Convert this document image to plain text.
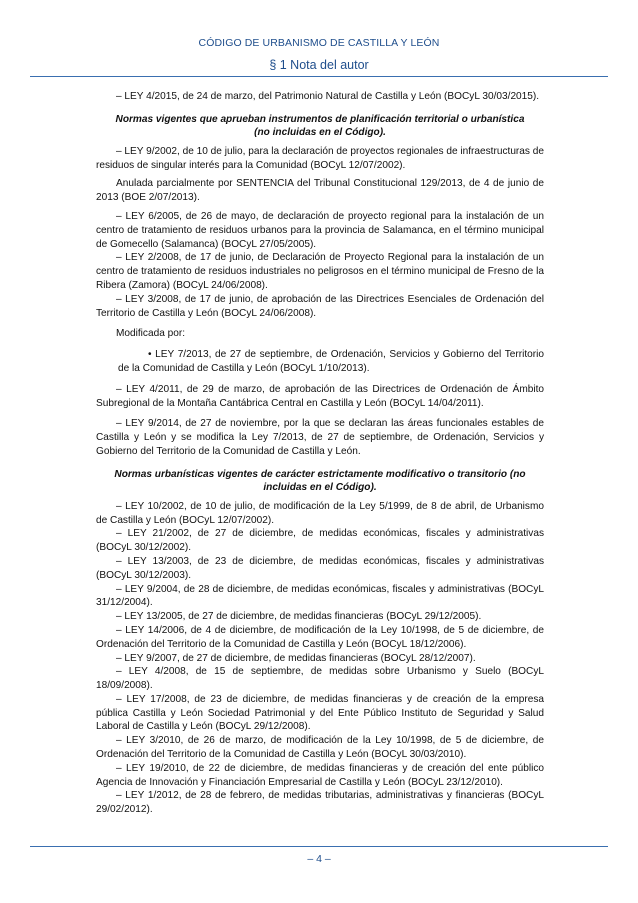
CÓDIGO DE URBANISMO DE CASTILLA Y LEÓN
§ 1 Nota del autor

– LEY 4/2015, de 24 de marzo, del Patrimonio Natural de Castilla y León (BOCyL 30/03/2015).

Normas vigentes que aprueban instrumentos de planificación territorial o urbanística (no incluidas en el Código).

– LEY 9/2002, de 10 de julio, para la declaración de proyectos regionales de infraestructuras de residuos de singular interés para la Comunidad (BOCyL 12/07/2002).

Anulada parcialmente por SENTENCIA del Tribunal Constitucional 129/2013, de 4 de junio de 2013 (BOE 2/07/2013).

– LEY 6/2005, de 26 de mayo, de declaración de proyecto regional para la instalación de un centro de tratamiento de residuos urbanos para la provincia de Salamanca, en el término municipal de Gomecello (Salamanca) (BOCyL 27/05/2005).

– LEY 2/2008, de 17 de junio, de Declaración de Proyecto Regional para la instalación de un centro de tratamiento de residuos industriales no peligrosos en el término municipal de Fresno de la Ribera (Zamora) (BOCyL 24/06/2008).

– LEY 3/2008, de 17 de junio, de aprobación de las Directrices Esenciales de Ordenación del Territorio de Castilla y León (BOCyL 24/06/2008).

Modificada por:

• LEY 7/2013, de 27 de septiembre, de Ordenación, Servicios y Gobierno del Territorio de la Comunidad de Castilla y León (BOCyL 1/10/2013).

– LEY 4/2011, de 29 de marzo, de aprobación de las Directrices de Ordenación de Ámbito Subregional de la Montaña Cantábrica Central en Castilla y León (BOCyL 14/04/2011).

– LEY 9/2014, de 27 de noviembre, por la que se declaran las áreas funcionales estables de Castilla y León y se modifica la Ley 7/2013, de 27 de septiembre, de Ordenación, Servicios y Gobierno del Territorio de la Comunidad de Castilla y León.

Normas urbanísticas vigentes de carácter estrictamente modificativo o transitorio (no incluidas en el Código).

– LEY 10/2002, de 10 de julio, de modificación de la Ley 5/1999, de 8 de abril, de Urbanismo de Castilla y León (BOCyL 12/07/2002).

– LEY 21/2002, de 27 de diciembre, de medidas económicas, fiscales y administrativas (BOCyL 30/12/2002).

– LEY 13/2003, de 23 de diciembre, de medidas económicas, fiscales y administrativas (BOCyL 30/12/2003).

– LEY 9/2004, de 28 de diciembre, de medidas económicas, fiscales y administrativas (BOCyL 31/12/2004).

– LEY 13/2005, de 27 de diciembre, de medidas financieras (BOCyL 29/12/2005).

– LEY 14/2006, de 4 de diciembre, de modificación de la Ley 10/1998, de 5 de diciembre, de Ordenación del Territorio de la Comunidad de Castilla y León (BOCyL 18/12/2006).

– LEY 9/2007, de 27 de diciembre, de medidas financieras (BOCyL 28/12/2007).

– LEY 4/2008, de 15 de septiembre, de medidas sobre Urbanismo y Suelo (BOCyL 18/09/2008).

– LEY 17/2008, de 23 de diciembre, de medidas financieras y de creación de la empresa pública Castilla y León Sociedad Patrimonial y del Ente Público Instituto de Seguridad y Salud Laboral de Castilla y León (BOCyL 29/12/2008).

– LEY 3/2010, de 26 de marzo, de modificación de la Ley 10/1998, de 5 de diciembre, de Ordenación del Territorio de la Comunidad de Castilla y León (BOCyL 30/03/2010).

– LEY 19/2010, de 22 de diciembre, de medidas financieras y de creación del ente público Agencia de Innovación y Financiación Empresarial de Castilla y León (BOCyL 23/12/2010).

– LEY 1/2012, de 28 de febrero, de medidas tributarias, administrativas y financieras (BOCyL 29/02/2012).

– 4 –
